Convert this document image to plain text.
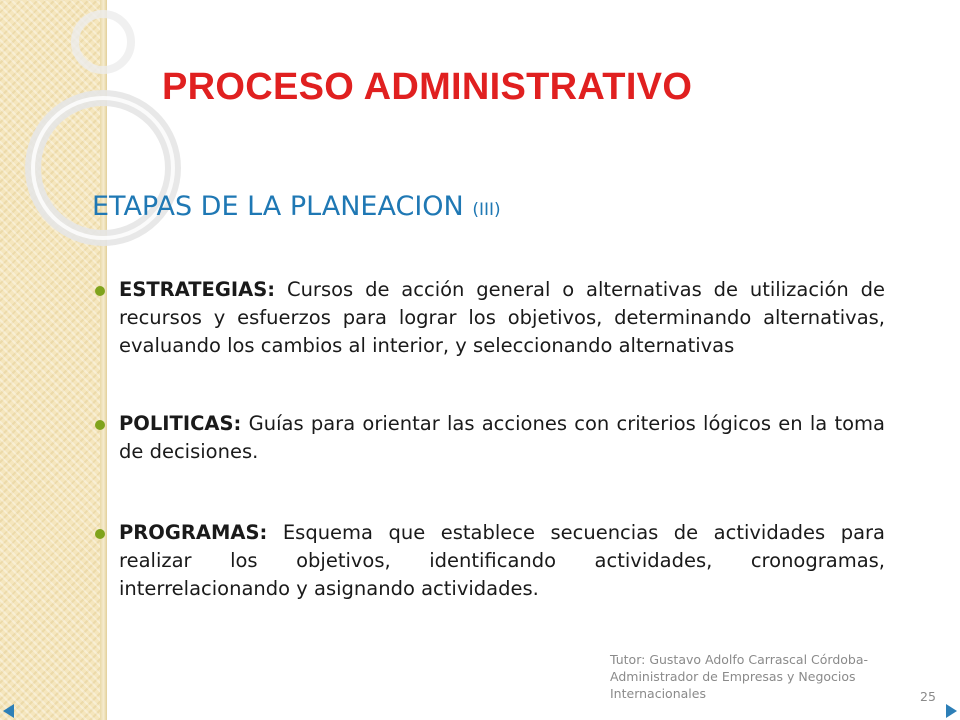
PROCESO ADMINISTRATIVO
ETAPAS DE LA PLANEACION (III)
ESTRATEGIAS: Cursos de acción general o alternativas de utilización de recursos y esfuerzos para lograr los objetivos, determinando alternativas, evaluando los cambios al interior, y seleccionando alternativas
POLITICAS: Guías para orientar las acciones con criterios lógicos en la toma de decisiones.
PROGRAMAS: Esquema que establece secuencias de actividades para realizar los objetivos, identificando actividades, cronogramas, interrelacionando y asignando actividades.
Tutor: Gustavo Adolfo Carrascal Córdoba-
Administrador de Empresas y Negocios
Internacionales	25
